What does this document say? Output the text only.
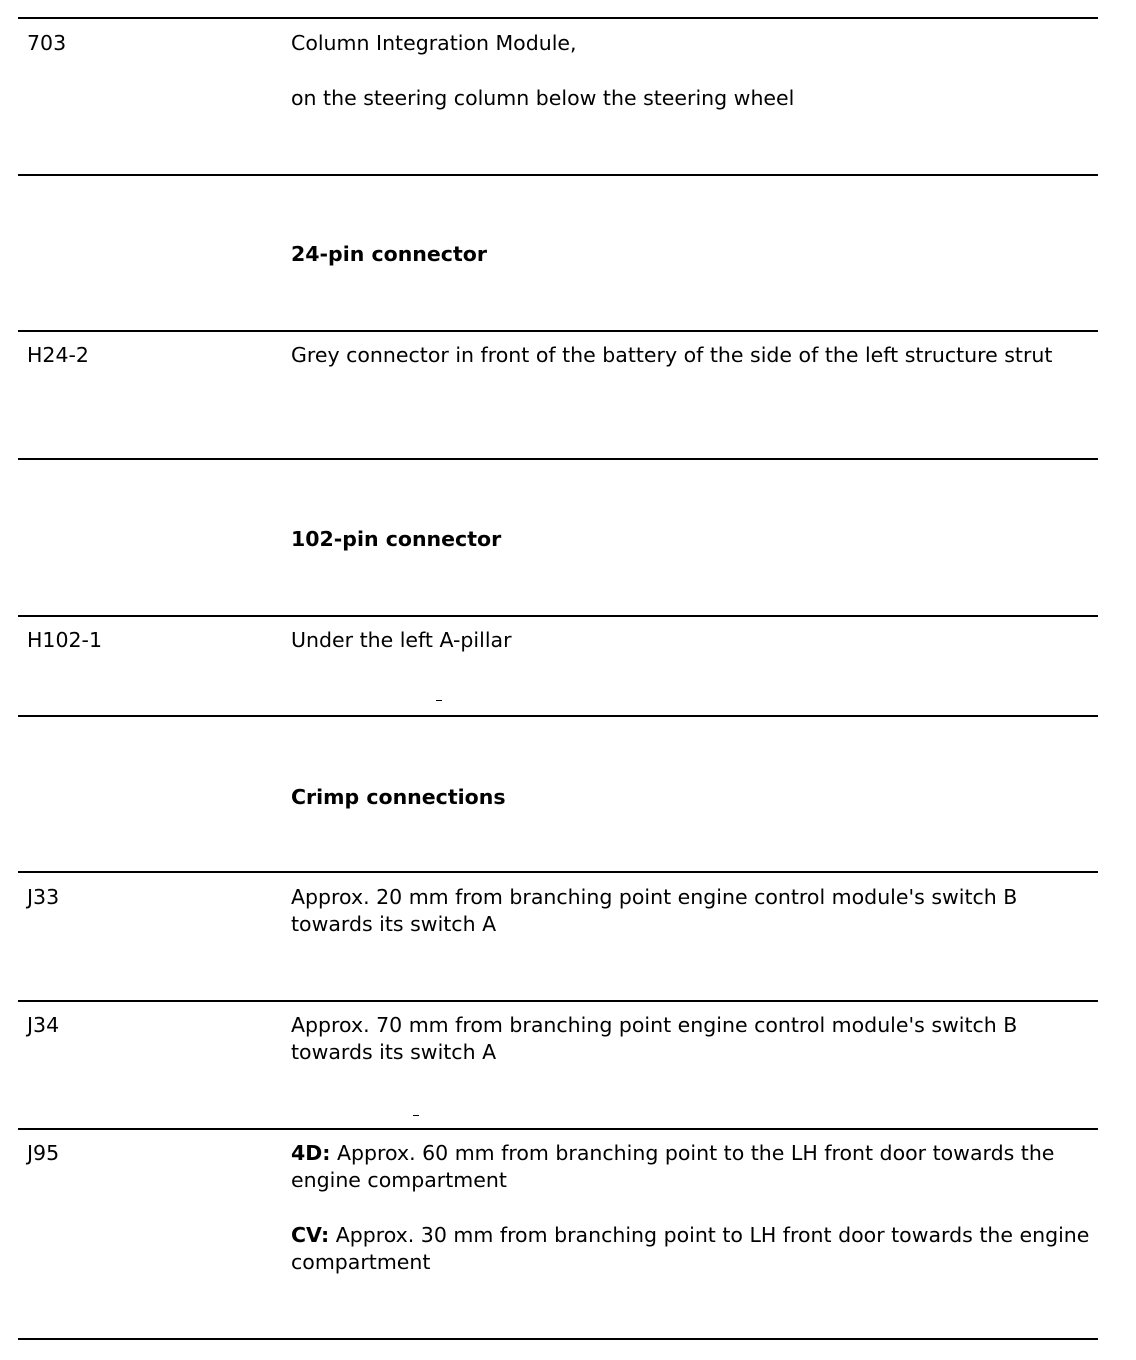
703	Column Integration Module,

on the steering column below the steering wheel

24-pin connector
H24-2	Grey connector in front of the battery of the side of the left structure strut
102-pin connector
H102-1	Under the left A-pillar
Crimp connections
J33	Approx. 20 mm from branching point engine control module's switch B towards its switch A
J34	Approx. 70 mm from branching point engine control module's switch B towards its switch A
J95	4D: Approx. 60 mm from branching point to the LH front door towards the engine compartment

CV: Approx. 30 mm from branching point to LH front door towards the engine compartment
